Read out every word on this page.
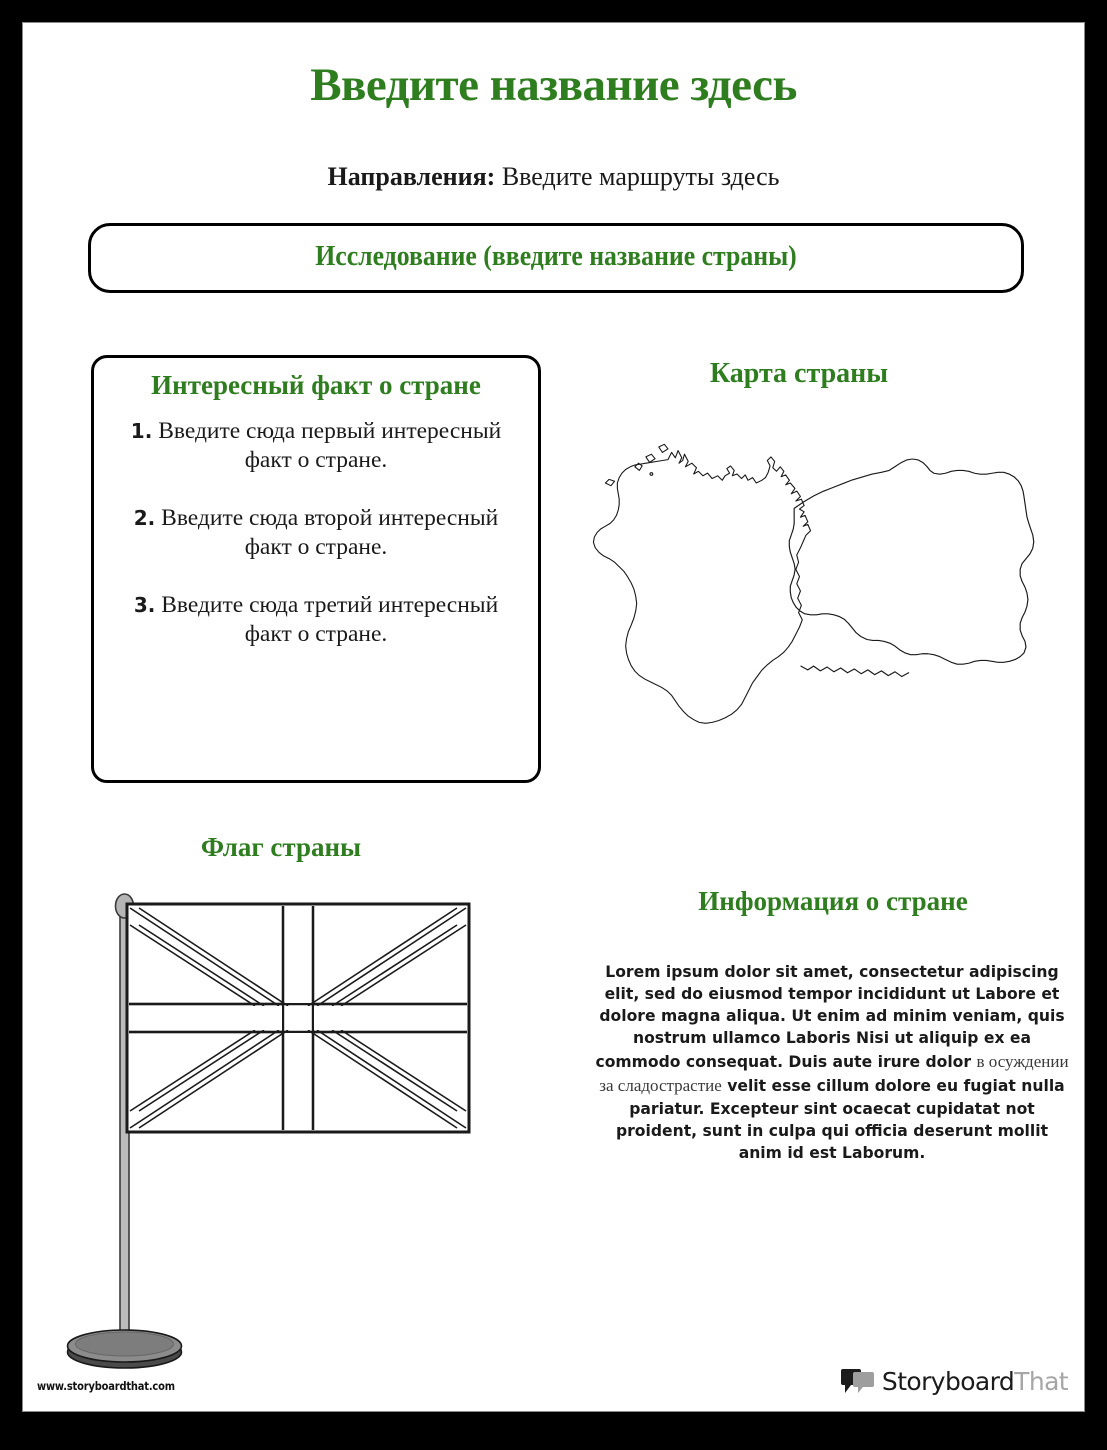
Введите название здесь
Направления: Введите маршруты здесь
Исследование (введите название страны)
Интересный факт о стране
1. Введите сюда первый интересный факт о стране.
2. Введите сюда второй интересный факт о стране.
3. Введите сюда третий интересный факт о стране.
Карта страны
Флаг страны
Информация о стране
Lorem ipsum dolor sit amet, consectetur adipiscing elit, sed do eiusmod tempor incididunt ut Labore et dolore magna aliqua. Ut enim ad minim veniam, quis nostrum ullamco Laboris Nisi ut aliquip ex ea commodo consequat. Duis aute irure dolor в осуждении за сладострастие velit esse cillum dolore eu fugiat nulla pariatur. Excepteur sint ocaecat cupidatat not proident, sunt in culpa qui officia deserunt mollit anim id est Laborum.
www.storyboardthat.com	StoryboardThat
